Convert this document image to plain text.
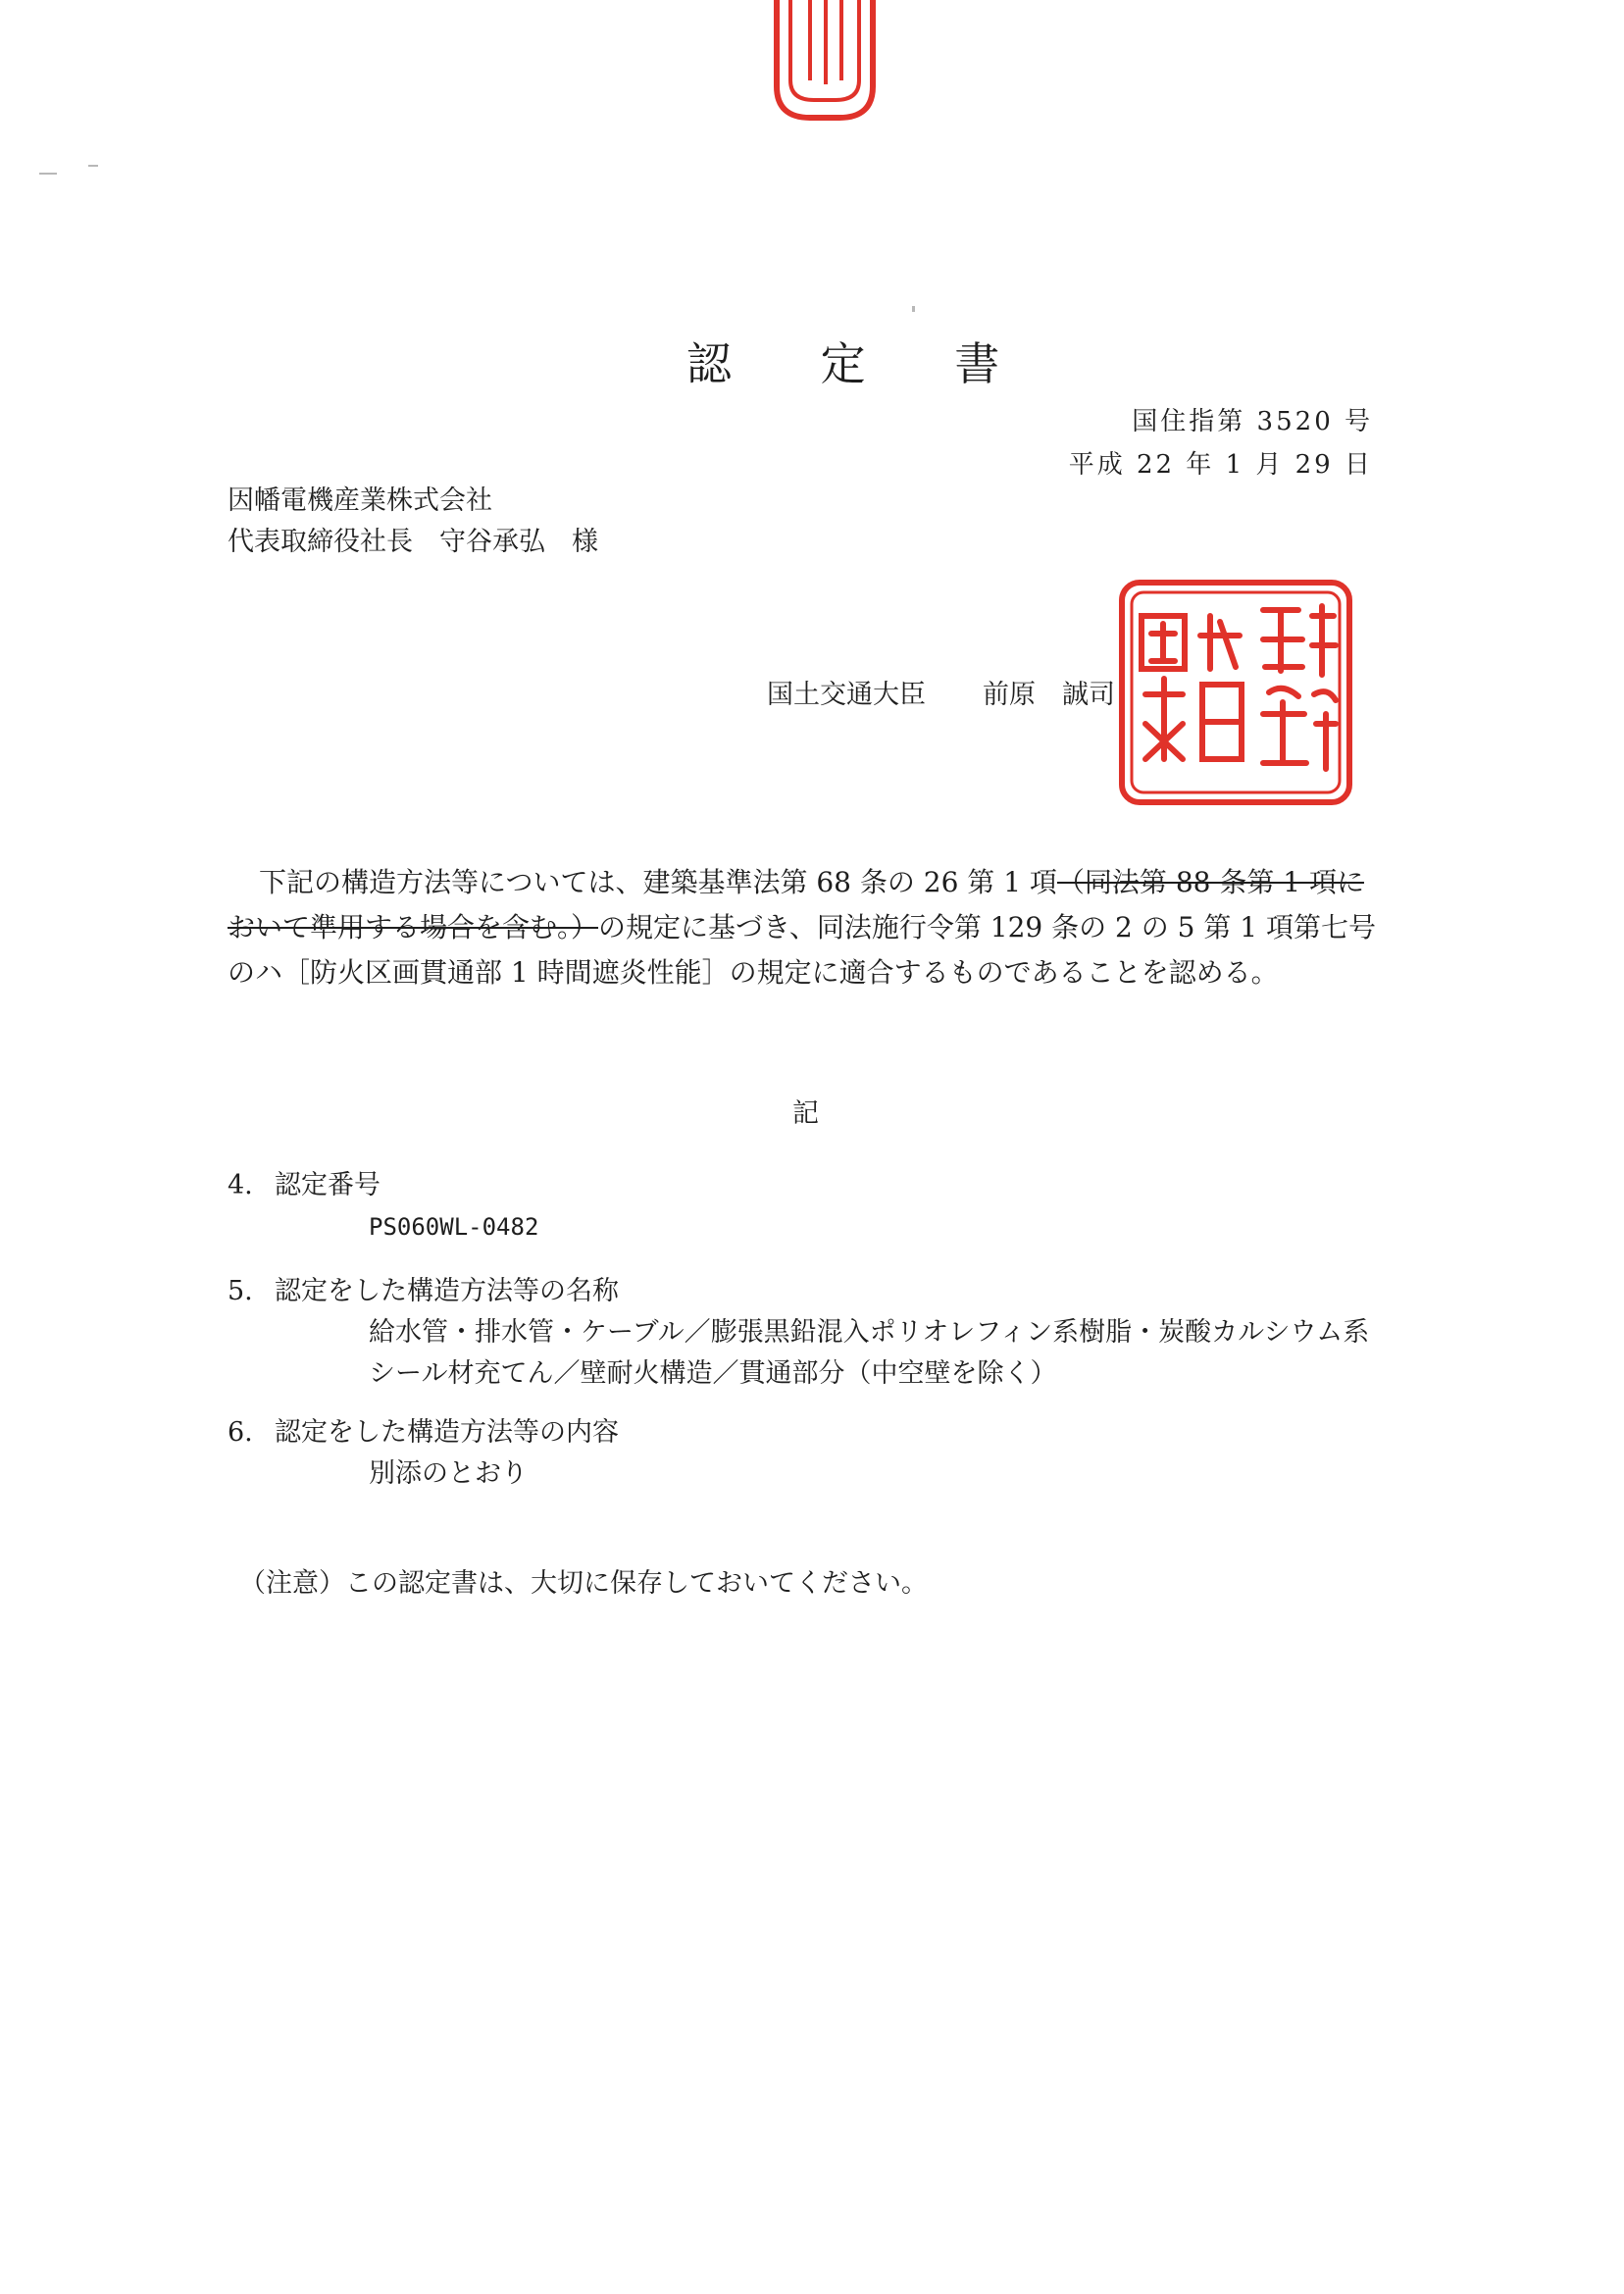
認 定 書
国住指第 3520 号
平成 22 年 1 月 29 日
因幡電機産業株式会社
代表取締役社長　守谷承弘　様
国土交通大臣 前原　誠司
下記の構造方法等については、建築基準法第 68 条の 26 第 1 項（同法第 88 条第 1 項において準用する場合を含む。）の規定に基づき、同法施行令第 129 条の 2 の 5 第 1 項第七号のハ［防火区画貫通部 1 時間遮炎性能］の規定に適合するものであることを認める。
記
4. 認定番号
PS060WL-0482
5. 認定をした構造方法等の名称
給水管・排水管・ケーブル／膨張黒鉛混入ポリオレフィン系樹脂・炭酸カルシウム系シール材充てん／壁耐火構造／貫通部分（中空壁を除く）
6. 認定をした構造方法等の内容
別添のとおり
（注意）この認定書は、大切に保存しておいてください。
